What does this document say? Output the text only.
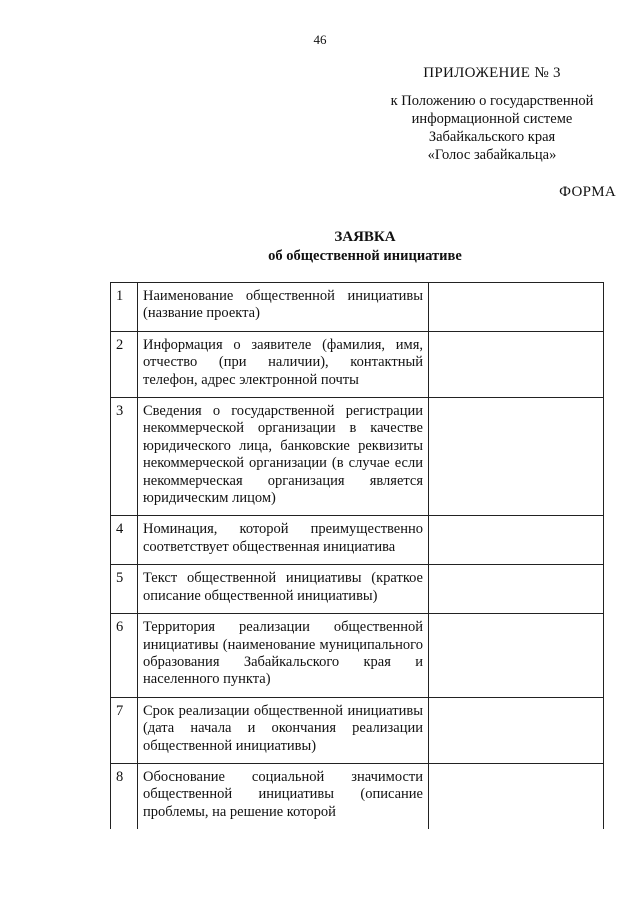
46
ПРИЛОЖЕНИЕ № 3
к Положению о государственной
информационной системе
Забайкальского края
«Голос забайкальца»
ФОРМА
ЗАЯВКА
об общественной инициативе
1	Наименование общественной инициативы (название проекта)	
2	Информация о заявителе (фамилия, имя, отчество (при наличии), контактный телефон, адрес электронной почты	
3	Сведения о государственной регистрации некоммерческой организации в качестве юридического лица, банковские реквизиты некоммерческой организации (в случае если некоммерческая организация является юридическим лицом)	
4	Номинация, которой преимущественно соответствует общественная инициатива	
5	Текст общественной инициативы (краткое описание общественной инициативы)	
6	Территория реализации общественной инициативы (наименование муниципального образования Забайкальского края и населенного пункта)	
7	Срок реализации общественной инициативы (дата начала и окончания реализации общественной инициативы)	
8	Обоснование социальной значимости общественной инициативы (описание проблемы, на решение которой	
